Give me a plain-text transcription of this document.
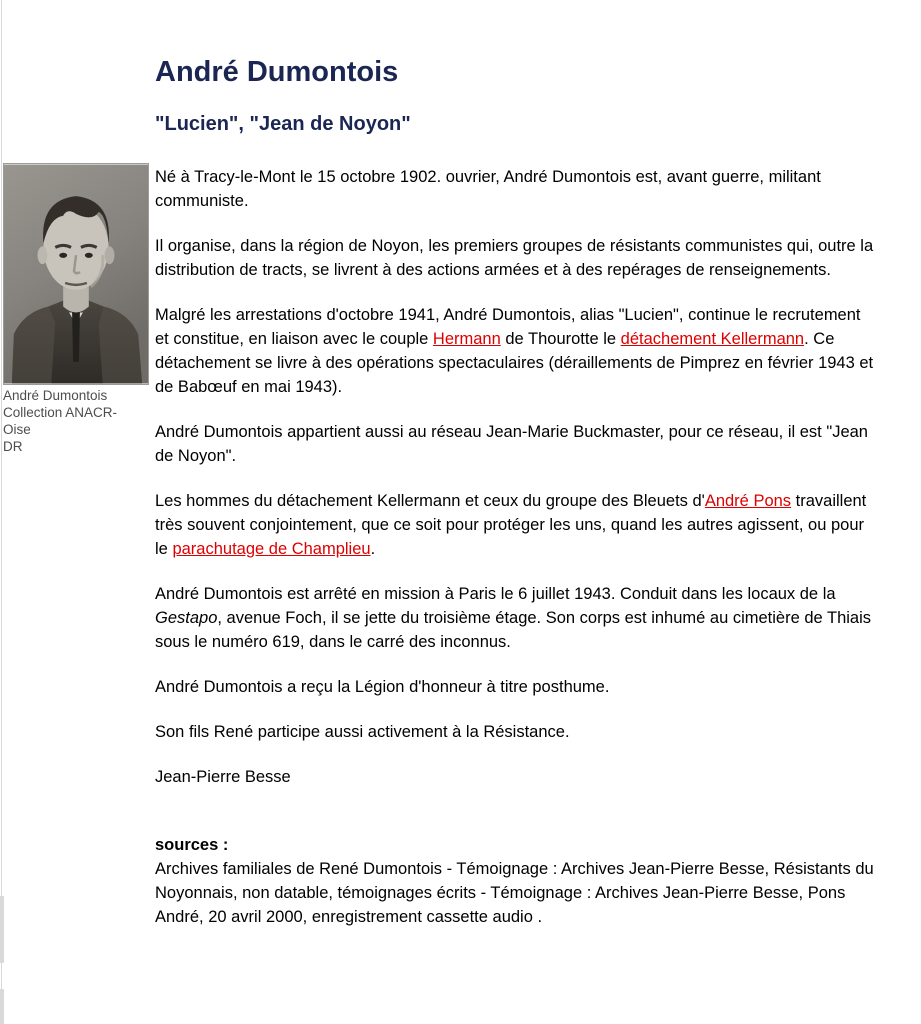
André Dumontois
Collection ANACR-
Oise
DR
André Dumontois
"Lucien", "Jean de Noyon"

Né à Tracy-le-Mont le 15 octobre 1902. ouvrier, André Dumontois est, avant guerre, militant communiste.

Il organise, dans la région de Noyon, les premiers groupes de résistants communistes qui, outre la distribution de tracts, se livrent à des actions armées et à des repérages de renseignements.

Malgré les arrestations d'octobre 1941, André Dumontois, alias "Lucien", continue le recrutement et constitue, en liaison avec le couple Hermann de Thourotte le détachement Kellermann. Ce détachement se livre à des opérations spectaculaires (déraillements de Pimprez en février 1943 et de Babœuf en mai 1943).

André Dumontois appartient aussi au réseau Jean-Marie Buckmaster, pour ce réseau, il est "Jean de Noyon".

Les hommes du détachement Kellermann et ceux du groupe des Bleuets d'André Pons travaillent très souvent conjointement, que ce soit pour protéger les uns, quand les autres agissent, ou pour le parachutage de Champlieu.

André Dumontois est arrêté en mission à Paris le 6 juillet 1943. Conduit dans les locaux de la Gestapo, avenue Foch, il se jette du troisième étage. Son corps est inhumé au cimetière de Thiais sous le numéro 619, dans le carré des inconnus.

André Dumontois a reçu la Légion d'honneur à titre posthume.

Son fils René participe aussi activement à la Résistance.

Jean-Pierre Besse

sources :
Archives familiales de René Dumontois - Témoignage : Archives Jean-Pierre Besse, Résistants du Noyonnais, non datable, témoignages écrits - Témoignage : Archives Jean-Pierre Besse, Pons André, 20 avril 2000, enregistrement cassette audio .
